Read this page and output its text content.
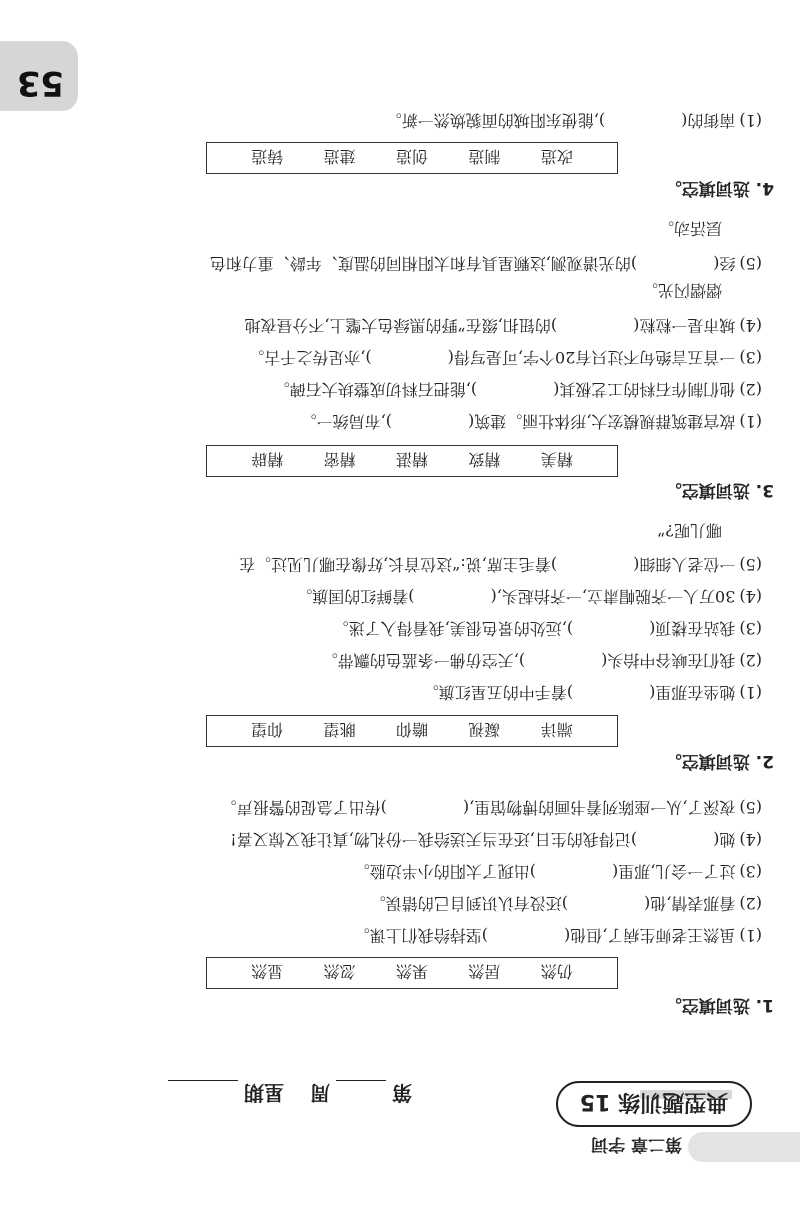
第二章 字词
53
典型题训练 15
第
周
星期
1.选词填空。
仍然
居然
果然
忽然
显然
(1)虽然王老师生病了,但他()坚持给我们上课。
(2)看那表情,他()还没有认识到自己的错误。
(3)过了一会儿,那里()出现了太阳的小半边脸。
(4)她()记得我的生日,还在当天送给我一份礼物,真让我又惊又喜!
(5)夜深了,从一座陈列着书画的博物馆里,()传出了急促的警报声。
2.选词填空。
端详
凝视
瞻仰
眺望
仰望
(1)她坐在那里()着手中的五星红旗。
(2)我们在峡谷中抬头(),天空仿佛一条蓝色的飘带。
(3)我站在楼顶(),远处的景色很美,我看得入了迷。
(4)30万人一齐脱帽肃立,一齐抬起头,()着鲜红的国旗。
(5)一位老人细细()着毛主席,说:“这位首长,好像在哪儿见过。在
哪儿呢?”
3.选词填空。
精美
精致
精湛
精密
精辟
(1)故宫建筑群规模宏大,形体壮丽。建筑(),布局统一。
(2)他们制作石料的工艺极其(),能把石料切成整块大石碑。
(3)一首五言绝句不过只有20个字,可是写得(),亦足传之千古。
(4)城市是一粒粒()的钮扣,缀在”野的黑绿色大氅上,不分昼夜地
熠熠闪光。
(5)经()的光谱观测,这颗星具有和太阳相同的温度、年龄、重力和色
层活动。
4.选词填空。
改造
制造
创造
建造
铸造
(1)南街的(),能使东阳城的面貌焕然一新。
